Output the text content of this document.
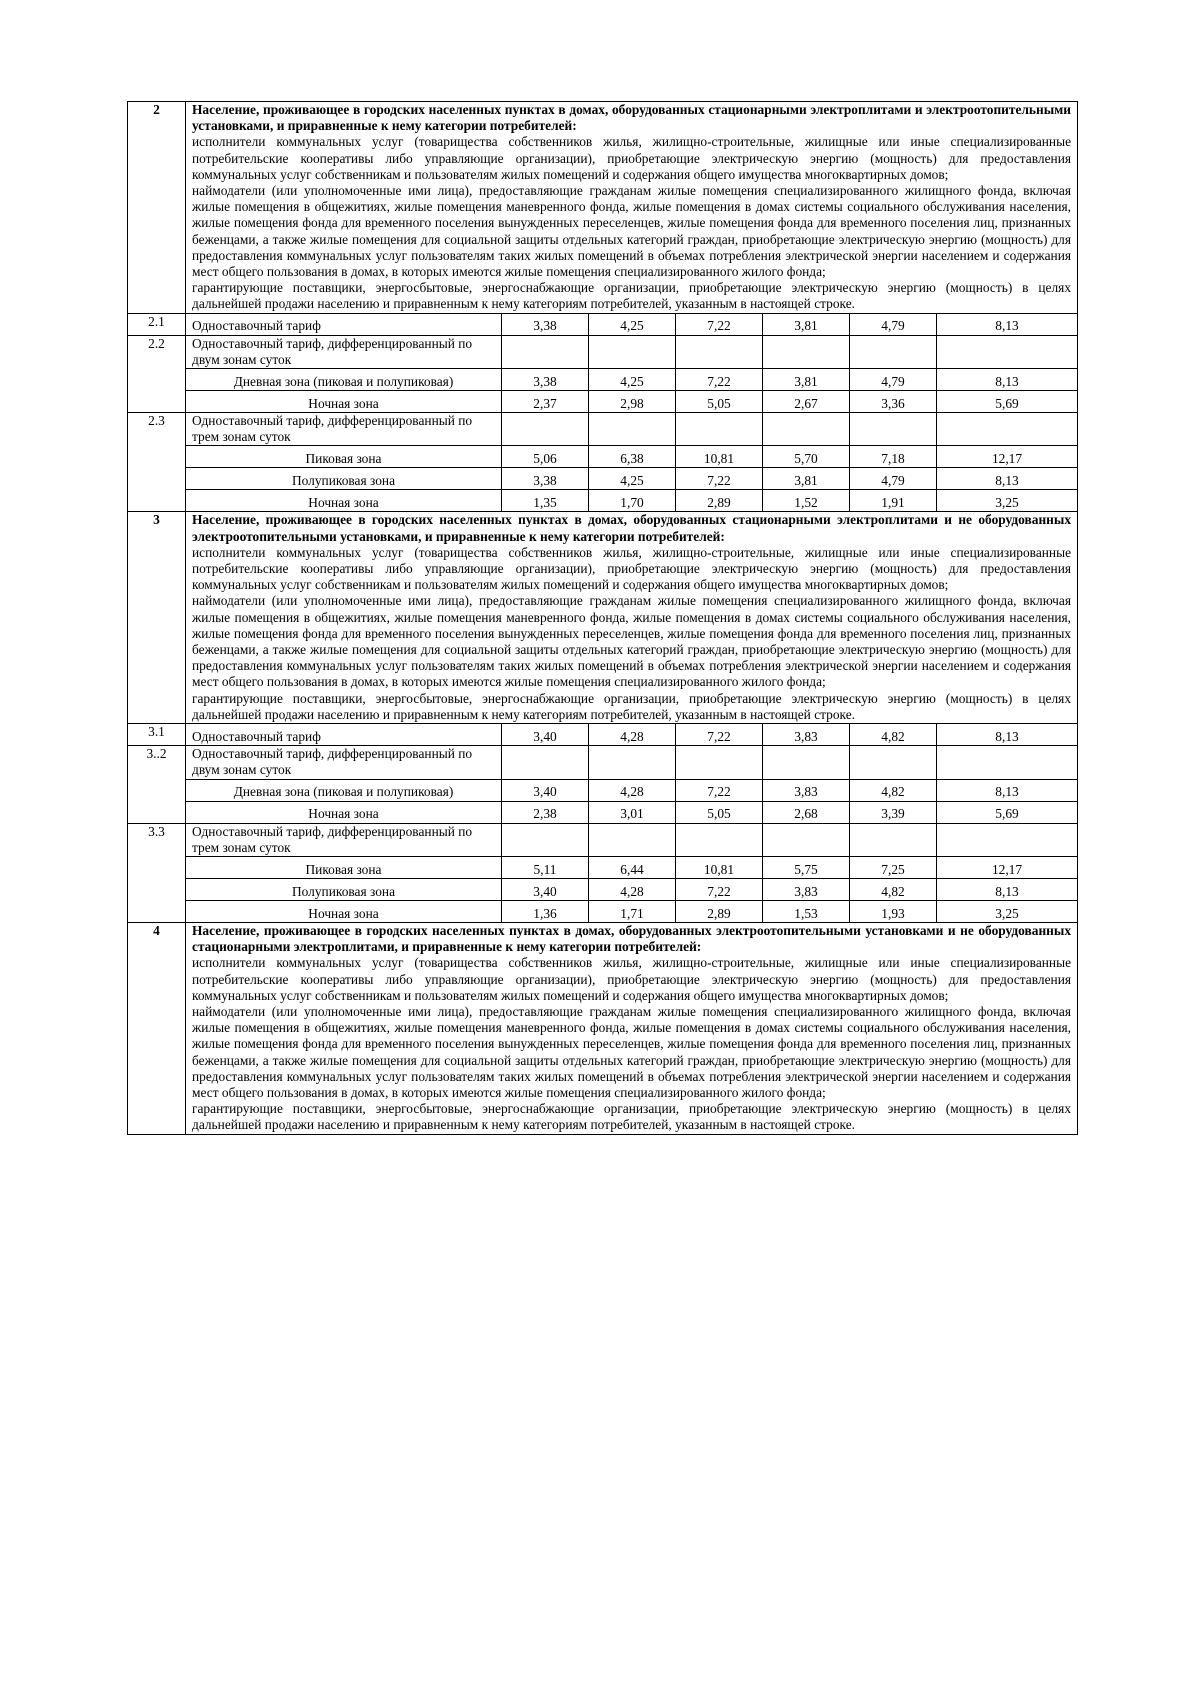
2	Население, проживающее в городских населенных пунктах в домах, оборудованных стационарными электроплитами и электроотопительными установками, и приравненные к нему категории потребителей:
исполнители коммунальных услуг (товарищества собственников жилья, жилищно-строительные, жилищные или иные специализированные потребительские кооперативы либо управляющие организации), приобретающие электрическую энергию (мощность) для предоставления коммунальных услуг собственникам и пользователям жилых помещений и содержания общего имущества многоквартирных домов;
наймодатели (или уполномоченные ими лица), предоставляющие гражданам жилые помещения специализированного жилищного фонда, включая жилые помещения в общежитиях, жилые помещения маневренного фонда, жилые помещения в домах системы социального обслуживания населения, жилые помещения фонда для временного поселения вынужденных переселенцев, жилые помещения фонда для временного поселения лиц, признанных беженцами, а также жилые помещения для социальной защиты отдельных категорий граждан, приобретающие электрическую энергию (мощность) для предоставления коммунальных услуг пользователям таких жилых помещений в объемах потребления электрической энергии населением и содержания мест общего пользования в домах, в которых имеются жилые помещения специализированного жилого фонда;
гарантирующие поставщики, энергосбытовые, энергоснабжающие организации, приобретающие электрическую энергию (мощность) в целях дальнейшей продажи населению и приравненным к нему категориям потребителей, указанным в настоящей строке.						

2.1	Одноставочный тариф	3,38	4,25	7,22	3,81	4,79	8,13
2.2	Одноставочный тариф, дифференцированный по двум зонам суток						
	Дневная зона (пиковая и полупиковая)	3,38	4,25	7,22	3,81	4,79	8,13
	Ночная зона	2,37	2,98	5,05	2,67	3,36	5,69
2.3	Одноставочный тариф, дифференцированный по трем зонам суток						
	Пиковая зона	5,06	6,38	10,81	5,70	7,18	12,17
	Полупиковая зона	3,38	4,25	7,22	3,81	4,79	8,13
	Ночная зона	1,35	1,70	2,89	1,52	1,91	3,25
3	Население, проживающее в городских населенных пунктах в домах, оборудованных стационарными электроплитами и не оборудованных электроотопительными установками, и приравненные к нему категории потребителей:
исполнители коммунальных услуг (товарищества собственников жилья, жилищно-строительные, жилищные или иные специализированные потребительские кооперативы либо управляющие организации), приобретающие электрическую энергию (мощность) для предоставления коммунальных услуг собственникам и пользователям жилых помещений и содержания общего имущества многоквартирных домов;
наймодатели (или уполномоченные ими лица), предоставляющие гражданам жилые помещения специализированного жилищного фонда, включая жилые помещения в общежитиях, жилые помещения маневренного фонда, жилые помещения в домах системы социального обслуживания населения, жилые помещения фонда для временного поселения вынужденных переселенцев, жилые помещения фонда для временного поселения лиц, признанных беженцами, а также жилые помещения для социальной защиты отдельных категорий граждан, приобретающие электрическую энергию (мощность) для предоставления коммунальных услуг пользователям таких жилых помещений в объемах потребления электрической энергии населением и содержания мест общего пользования в домах, в которых имеются жилые помещения специализированного жилого фонда;
гарантирующие поставщики, энергосбытовые, энергоснабжающие организации, приобретающие электрическую энергию (мощность) в целях дальнейшей продажи населению и приравненным к нему категориям потребителей, указанным в настоящей строке.						

3.1	Одноставочный тариф	3,40	4,28	7,22	3,83	4,82	8,13
3..2	Одноставочный тариф, дифференцированный по двум зонам суток						
	Дневная зона (пиковая и полупиковая)	3,40	4,28	7,22	3,83	4,82	8,13
	Ночная зона	2,38	3,01	5,05	2,68	3,39	5,69
3.3	Одноставочный тариф, дифференцированный по трем зонам суток						
	Пиковая зона	5,11	6,44	10,81	5,75	7,25	12,17
	Полупиковая зона	3,40	4,28	7,22	3,83	4,82	8,13
	Ночная зона	1,36	1,71	2,89	1,53	1,93	3,25
4	Население, проживающее в городских населенных пунктах в домах, оборудованных электроотопительными установками и не оборудованных стационарными электроплитами, и приравненные к нему категории потребителей:
исполнители коммунальных услуг (товарищества собственников жилья, жилищно-строительные, жилищные или иные специализированные потребительские кооперативы либо управляющие организации), приобретающие электрическую энергию (мощность) для предоставления коммунальных услуг собственникам и пользователям жилых помещений и содержания общего имущества многоквартирных домов;
наймодатели (или уполномоченные ими лица), предоставляющие гражданам жилые помещения специализированного жилищного фонда, включая жилые помещения в общежитиях, жилые помещения маневренного фонда, жилые помещения в домах системы социального обслуживания населения, жилые помещения фонда для временного поселения вынужденных переселенцев, жилые помещения фонда для временного поселения лиц, признанных беженцами, а также жилые помещения для социальной защиты отдельных категорий граждан, приобретающие электрическую энергию (мощность) для предоставления коммунальных услуг пользователям таких жилых помещений в объемах потребления электрической энергии населением и содержания мест общего пользования в домах, в которых имеются жилые помещения специализированного жилого фонда;
гарантирующие поставщики, энергосбытовые, энергоснабжающие организации, приобретающие электрическую энергию (мощность) в целях дальнейшей продажи населению и приравненным к нему категориям потребителей, указанным в настоящей строке.						
